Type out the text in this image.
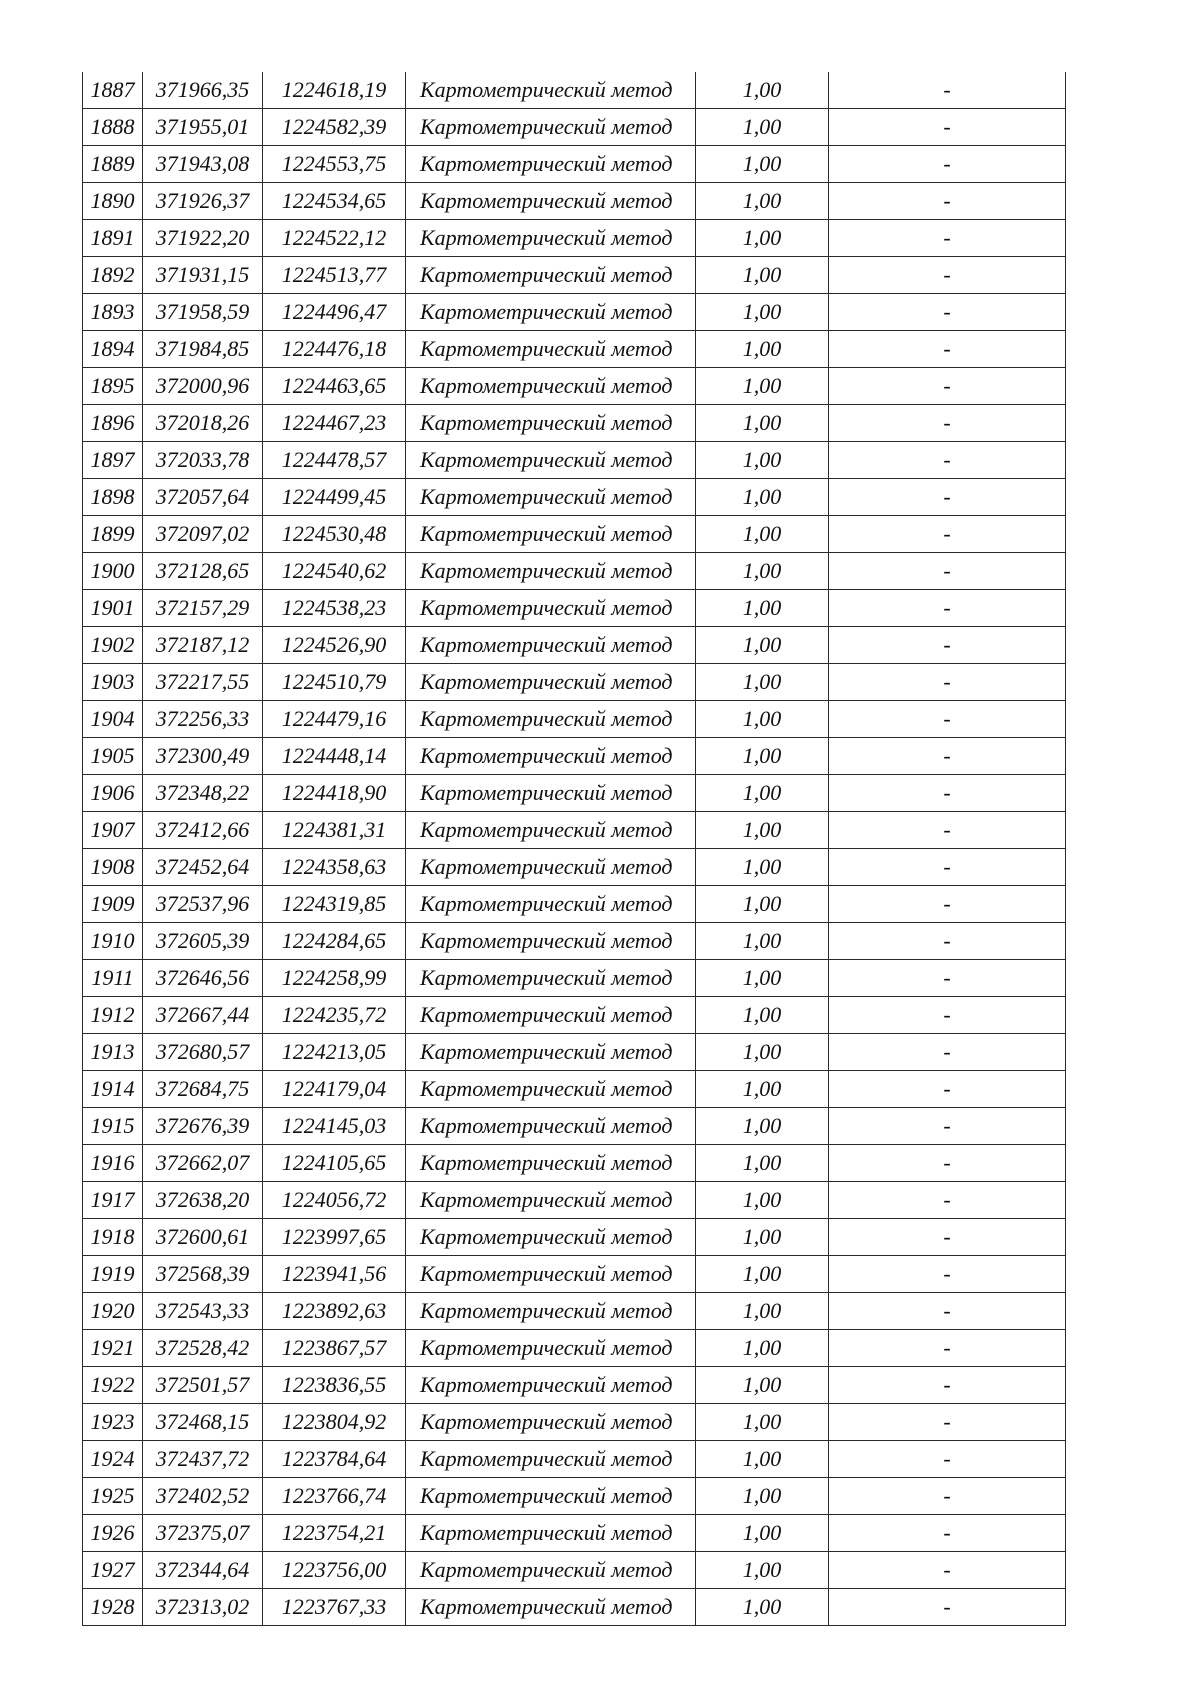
1887	371966,35	1224618,19	Картометрический метод	1,00	-
1888	371955,01	1224582,39	Картометрический метод	1,00	-
1889	371943,08	1224553,75	Картометрический метод	1,00	-
1890	371926,37	1224534,65	Картометрический метод	1,00	-
1891	371922,20	1224522,12	Картометрический метод	1,00	-
1892	371931,15	1224513,77	Картометрический метод	1,00	-
1893	371958,59	1224496,47	Картометрический метод	1,00	-
1894	371984,85	1224476,18	Картометрический метод	1,00	-
1895	372000,96	1224463,65	Картометрический метод	1,00	-
1896	372018,26	1224467,23	Картометрический метод	1,00	-
1897	372033,78	1224478,57	Картометрический метод	1,00	-
1898	372057,64	1224499,45	Картометрический метод	1,00	-
1899	372097,02	1224530,48	Картометрический метод	1,00	-
1900	372128,65	1224540,62	Картометрический метод	1,00	-
1901	372157,29	1224538,23	Картометрический метод	1,00	-
1902	372187,12	1224526,90	Картометрический метод	1,00	-
1903	372217,55	1224510,79	Картометрический метод	1,00	-
1904	372256,33	1224479,16	Картометрический метод	1,00	-
1905	372300,49	1224448,14	Картометрический метод	1,00	-
1906	372348,22	1224418,90	Картометрический метод	1,00	-
1907	372412,66	1224381,31	Картометрический метод	1,00	-
1908	372452,64	1224358,63	Картометрический метод	1,00	-
1909	372537,96	1224319,85	Картометрический метод	1,00	-
1910	372605,39	1224284,65	Картометрический метод	1,00	-
1911	372646,56	1224258,99	Картометрический метод	1,00	-
1912	372667,44	1224235,72	Картометрический метод	1,00	-
1913	372680,57	1224213,05	Картометрический метод	1,00	-
1914	372684,75	1224179,04	Картометрический метод	1,00	-
1915	372676,39	1224145,03	Картометрический метод	1,00	-
1916	372662,07	1224105,65	Картометрический метод	1,00	-
1917	372638,20	1224056,72	Картометрический метод	1,00	-
1918	372600,61	1223997,65	Картометрический метод	1,00	-
1919	372568,39	1223941,56	Картометрический метод	1,00	-
1920	372543,33	1223892,63	Картометрический метод	1,00	-
1921	372528,42	1223867,57	Картометрический метод	1,00	-
1922	372501,57	1223836,55	Картометрический метод	1,00	-
1923	372468,15	1223804,92	Картометрический метод	1,00	-
1924	372437,72	1223784,64	Картометрический метод	1,00	-
1925	372402,52	1223766,74	Картометрический метод	1,00	-
1926	372375,07	1223754,21	Картометрический метод	1,00	-
1927	372344,64	1223756,00	Картометрический метод	1,00	-
1928	372313,02	1223767,33	Картометрический метод	1,00	-
